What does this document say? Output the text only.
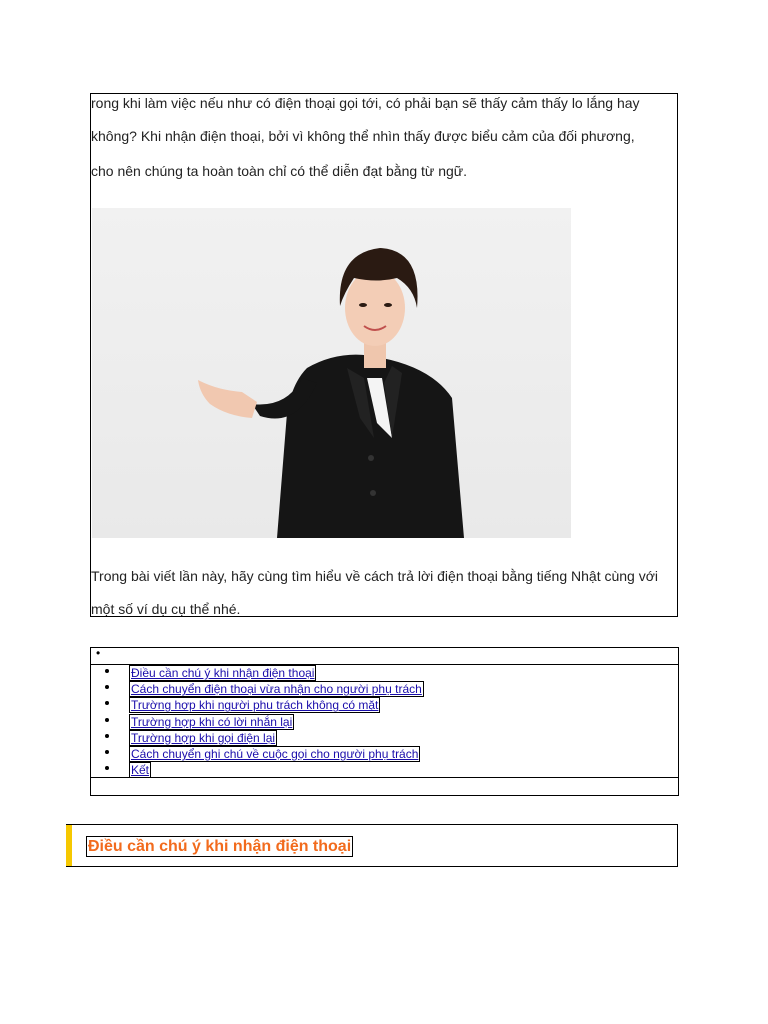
rong khi làm việc nếu như có điện thoại gọi tới, có phải bạn sẽ thấy cảm thấy lo lắng hay
không? Khi nhận điện thoại, bởi vì không thể nhìn thấy được biểu cảm của đối phương,
cho nên chúng ta hoàn toàn chỉ có thể diễn đạt bằng từ ngữ.
Trong bài viết lần này, hãy cùng tìm hiểu về cách trả lời điện thoại bằng tiếng Nhật cùng với
một số ví dụ cụ thể nhé.
•
Điều cần chú ý khi nhận điện thoại
Cách chuyển điện thoại vừa nhận cho người phụ trách
Trường hợp khi người phụ trách không có mặt
Trường hợp khi có lời nhắn lại
Trường hợp khi gọi điện lại
Cách chuyển ghi chú về cuộc gọi cho người phụ trách
Kết
Điều cần chú ý khi nhận điện thoại
